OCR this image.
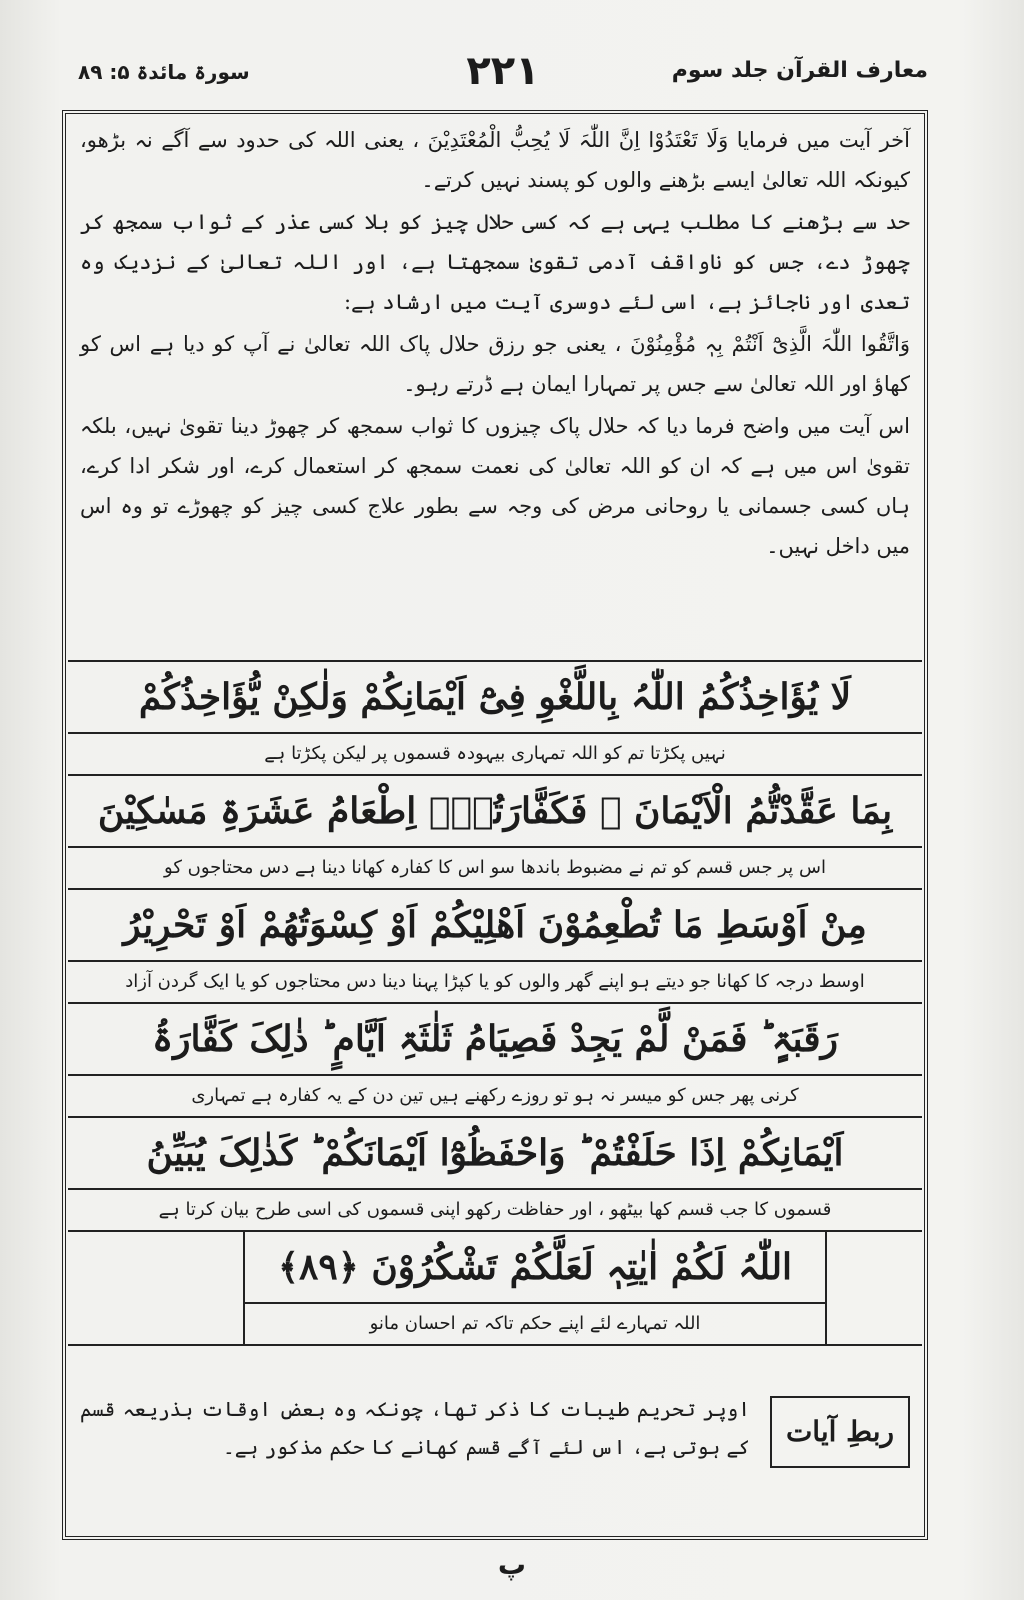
معارف القرآن جلد سوم
۲۲۱
سورۃ مائدۃ ۵: ۸۹

آخر آیت میں فرمایا وَلَا تَعْتَدُوْا اِنَّ اللّٰہَ لَا یُحِبُّ الْمُعْتَدِیْنَ ، یعنی اللہ کی حدود سے آگے نہ بڑھو، کیونکہ اللہ تعالیٰ ایسے بڑھنے والوں کو پسند نہیں کرتے۔

حد سے بڑھنے کا مطلب یہی ہے کہ کسی حلال چیز کو بلا کسی عذر کے ثواب سمجھ کر چھوڑ دے، جس کو ناواقف آدمی تقویٰ سمجھتا ہے، اور اللہ تعالیٰ کے نزدیک وہ تعدی اور ناجائز ہے، اسی لئے دوسری آیت میں ارشاد ہے:

وَاتَّقُوا اللّٰہَ الَّذِیْٓ اَنْتُمْ بِہٖ مُؤْمِنُوْنَ ، یعنی جو رزق حلال پاک اللہ تعالیٰ نے آپ کو دیا ہے اس کو کھاؤ اور اللہ تعالیٰ سے جس پر تمہارا ایمان ہے ڈرتے رہو۔

اس آیت میں واضح فرما دیا کہ حلال پاک چیزوں کا ثواب سمجھ کر چھوڑ دینا تقویٰ نہیں، بلکہ تقویٰ اس میں ہے کہ ان کو اللہ تعالیٰ کی نعمت سمجھ کر استعمال کرے، اور شکر ادا کرے، ہاں کسی جسمانی یا روحانی مرض کی وجہ سے بطور علاج کسی چیز کو چھوڑے تو وہ اس میں داخل نہیں۔

لَا یُؤَاخِذُکُمُ اللّٰہُ بِاللَّغْوِ فِیْٓ اَیْمَانِکُمْ وَلٰکِنْ یُّؤَاخِذُکُمْ
نہیں پکڑتا تم کو اللہ تمہاری بیہودہ قسموں پر لیکن پکڑتا ہے
بِمَا عَقَّدْتُّمُ الْاَیْمَانَ ۚ فَکَفَّارَتُہٗٓ اِطْعَامُ عَشَرَۃِ مَسٰکِیْنَ
اس پر جس قسم کو تم نے مضبوط باندھا سو اس کا کفارہ کھانا دینا ہے دس محتاجوں کو
مِنْ اَوْسَطِ مَا تُطْعِمُوْنَ اَھْلِیْکُمْ اَوْ کِسْوَتُھُمْ اَوْ تَحْرِیْرُ
اوسط درجہ کا کھانا جو دیتے ہو اپنے گھر والوں کو یا کپڑا پہنا دینا دس محتاجوں کو یا ایک گردن آزاد
رَقَبَۃٍ ؕ فَمَنْ لَّمْ یَجِدْ فَصِیَامُ ثَلٰثَۃِ اَیَّامٍ ؕ ذٰلِکَ کَفَّارَۃُ
کرنی پھر جس کو میسر نہ ہو تو روزے رکھنے ہیں تین دن کے یہ کفارہ ہے تمہاری
اَیْمَانِکُمْ اِذَا حَلَفْتُمْ ؕ وَاحْفَظُوْٓا اَیْمَانَکُمْ ؕ کَذٰلِکَ یُبَیِّنُ
قسموں کا جب قسم کھا بیٹھو ، اور حفاظت رکھو اپنی قسموں کی اسی طرح بیان کرتا ہے
اللّٰہُ لَکُمْ اٰیٰتِہٖ لَعَلَّکُمْ تَشْکُرُوْنَ ﴿۸۹﴾
اللہ تمہارے لئے اپنے حکم تاکہ تم احسان مانو
ربطِ آیات
اوپر تحریم طیبات کا ذکر تھا، چونکہ وہ بعض اوقات بذریعہ قسم کے ہوتی ہے، اس لئے آگے قسم کھانے کا حکم مذکور ہے۔
پ
